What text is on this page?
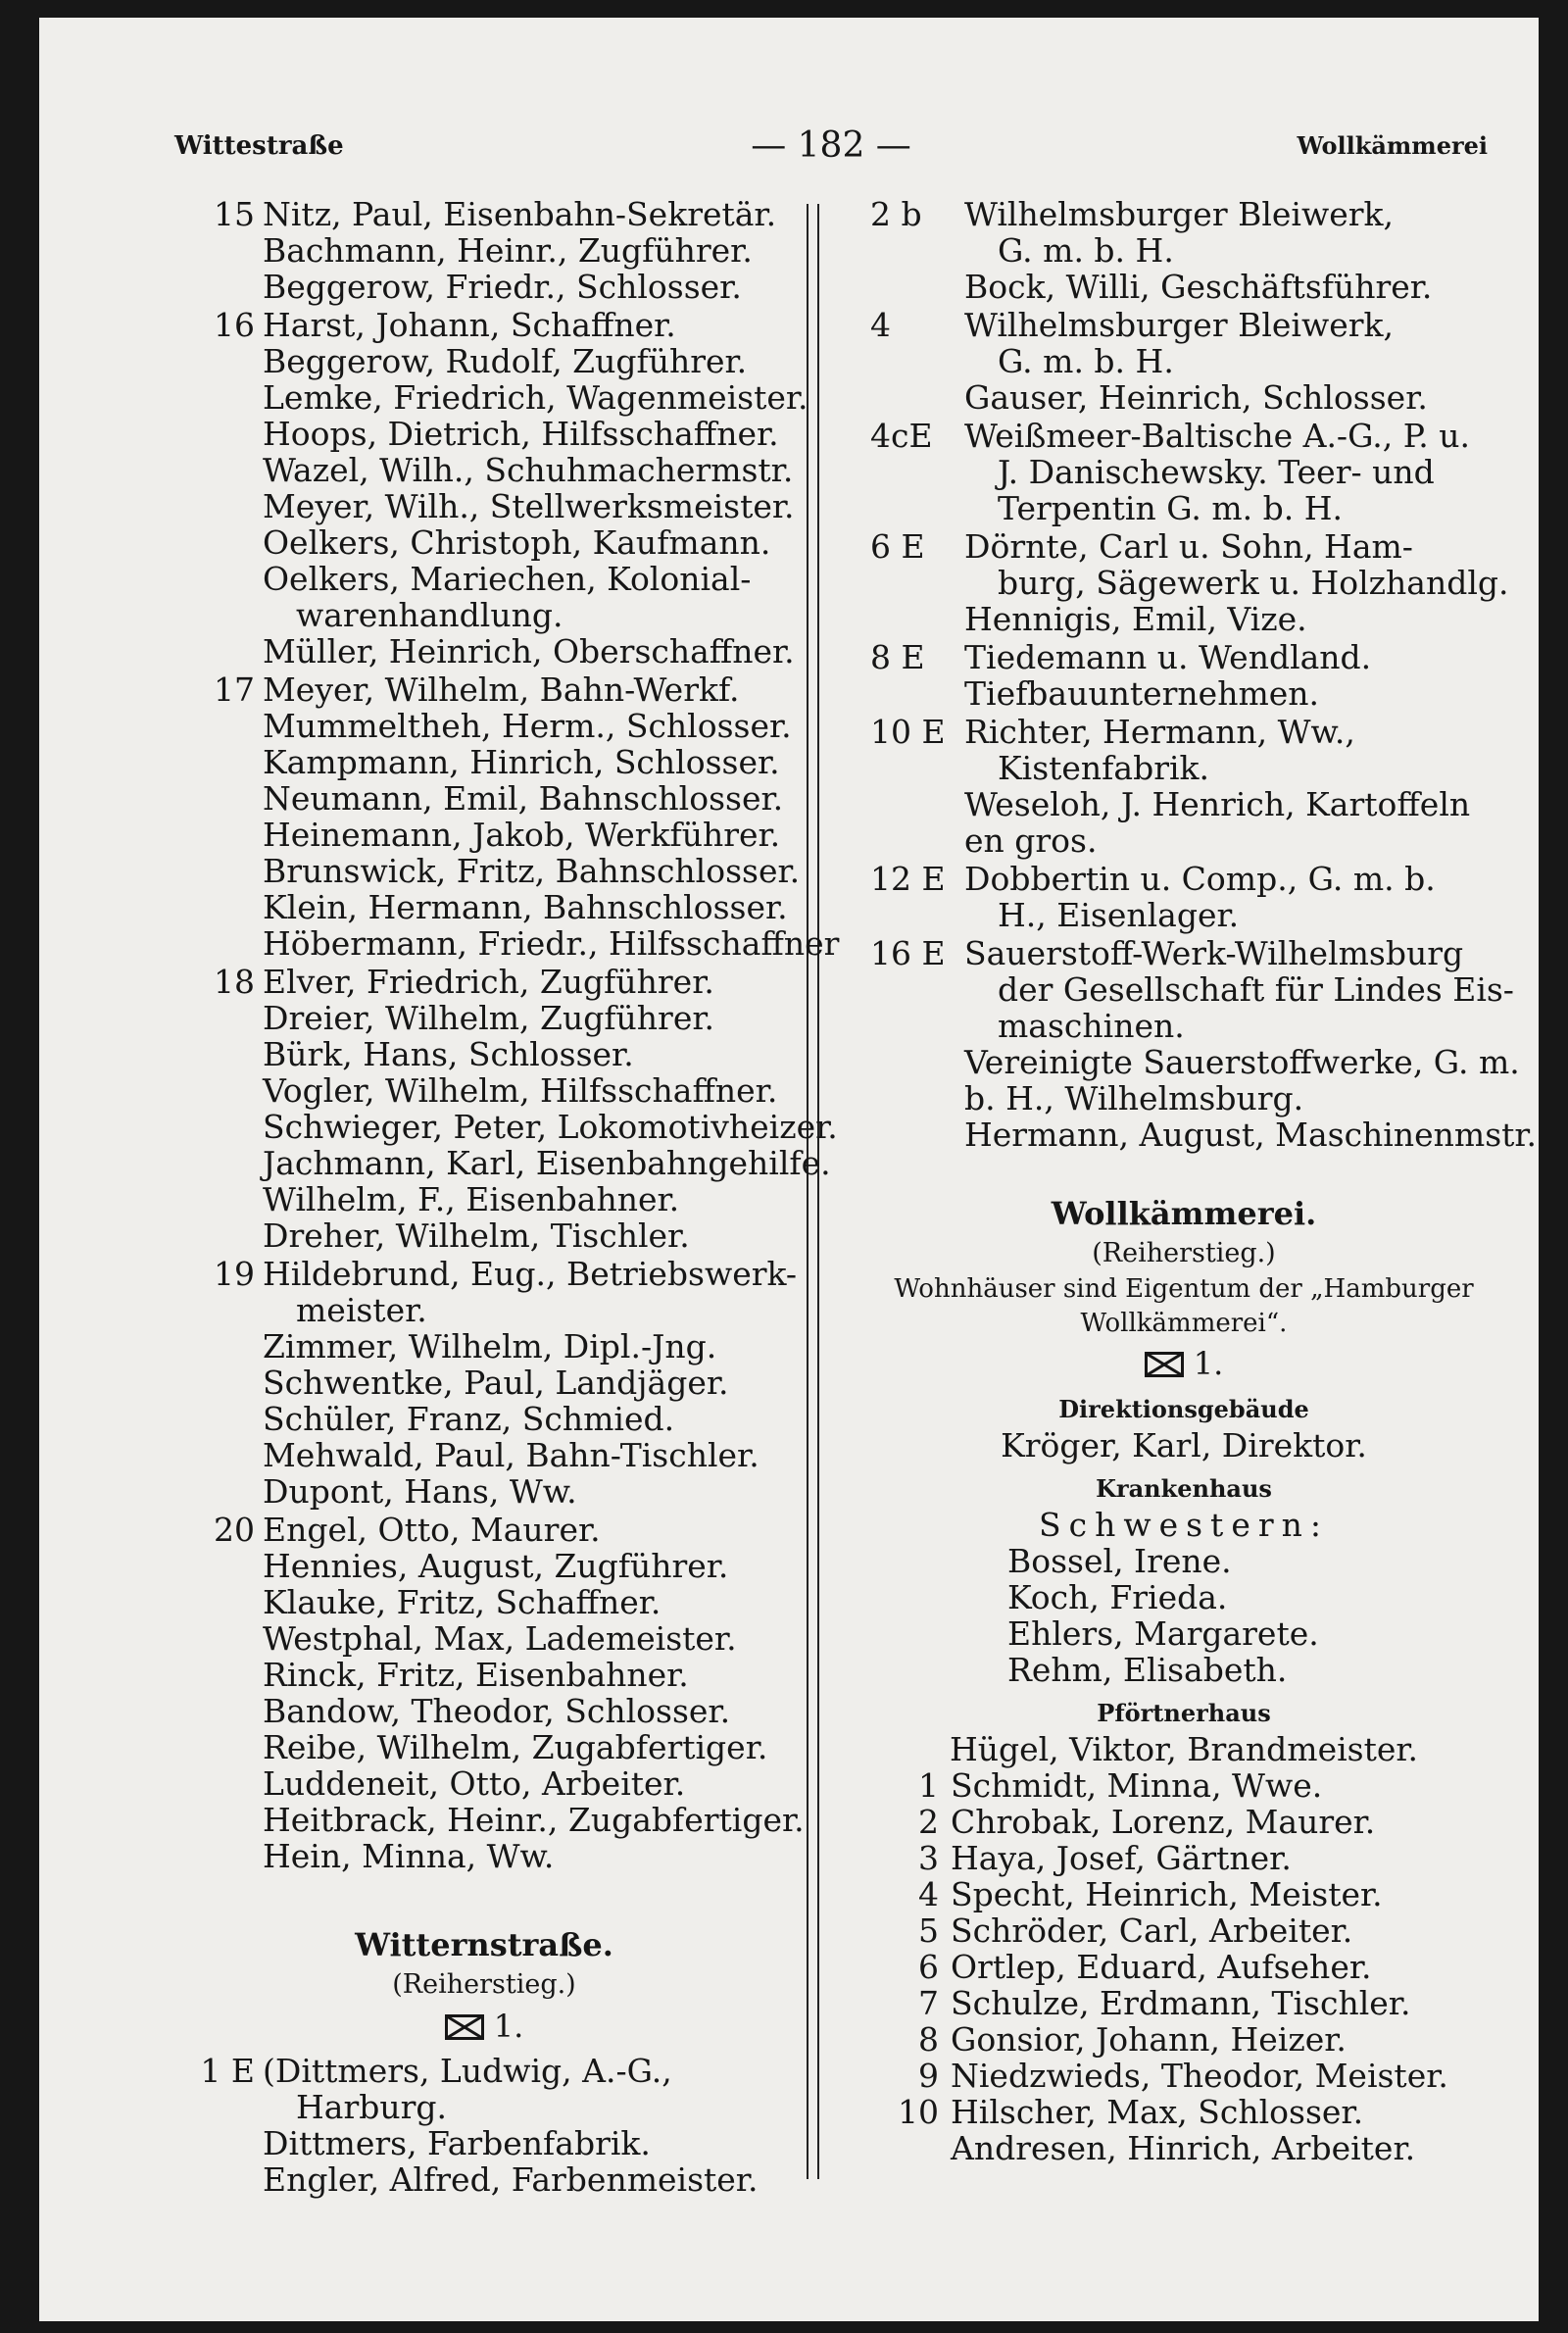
Wittestraße	— 182 —	Wollkämmerei
15 Nitz, Paul, Eisenbahn-Sekretär.
Bachmann, Heinr., Zugführer.
Beggerow, Friedr., Schlosser.
16 Harst, Johann, Schaffner.
Beggerow, Rudolf, Zugführer.
Lemke, Friedrich, Wagenmeister.
Hoops, Dietrich, Hilfsschaffner.
Wazel, Wilh., Schuhmachermstr.
Meyer, Wilh., Stellwerksmeister.
Oelkers, Christoph, Kaufmann.
Oelkers, Mariechen, Kolonial-
warenhandlung.
Müller, Heinrich, Oberschaffner.
17 Meyer, Wilhelm, Bahn-Werkf.
Mummeltheh, Herm., Schlosser.
Kampmann, Hinrich, Schlosser.
Neumann, Emil, Bahnschlosser.
Heinemann, Jakob, Werkführer.
Brunswick, Fritz, Bahnschlosser.
Klein, Hermann, Bahnschlosser.
Höbermann, Friedr., Hilfsschaffner
18 Elver, Friedrich, Zugführer.
Dreier, Wilhelm, Zugführer.
Bürk, Hans, Schlosser.
Vogler, Wilhelm, Hilfsschaffner.
Schwieger, Peter, Lokomotivheizer.
Jachmann, Karl, Eisenbahngehilfe.
Wilhelm, F., Eisenbahner.
Dreher, Wilhelm, Tischler.
19 Hildebrund, Eug., Betriebswerk-
meister.
Zimmer, Wilhelm, Dipl.-Jng.
Schwentke, Paul, Landjäger.
Schüler, Franz, Schmied.
Mehwald, Paul, Bahn-Tischler.
Dupont, Hans, Ww.
20 Engel, Otto, Maurer.
Hennies, August, Zugführer.
Klauke, Fritz, Schaffner.
Westphal, Max, Lademeister.
Rinck, Fritz, Eisenbahner.
Bandow, Theodor, Schlosser.
Reibe, Wilhelm, Zugabfertiger.
Luddeneit, Otto, Arbeiter.
Heitbrack, Heinr., Zugabfertiger.
Hein, Minna, Ww.
Witternstraße.
(Reiherstieg.)
1.
1 E (Dittmers, Ludwig, A.-G.,
Harburg.
Dittmers, Farbenfabrik.
Engler, Alfred, Farbenmeister.
2 b	Wilhelmsburger Bleiwerk,
G. m. b. H.
Bock, Willi, Geschäftsführer.
4	Wilhelmsburger Bleiwerk,
G. m. b. H.
Gauser, Heinrich, Schlosser.
4cE Weißmeer-Baltische A.-G., P. u.
J. Danischewsky. Teer- und
Terpentin G. m. b. H.
6 E	Dörnte, Carl u. Sohn, Ham-
burg, Sägewerk u. Holzhandlg.
Hennigis, Emil, Vize.
8 E	Tiedemann u. Wendland.
Tiefbauunternehmen.
10 E Richter, Hermann, Ww.,
Kistenfabrik.
Weseloh, J. Henrich, Kartoffeln
en gros.
12 E Dobbertin u. Comp., G. m. b.
H., Eisenlager.
16 E Sauerstoff-Werk-Wilhelmsburg
der Gesellschaft für Lindes Eis-
maschinen.
Vereinigte Sauerstoffwerke, G. m.
b. H., Wilhelmsburg.
Hermann, August, Maschinenmstr.
Wollkämmerei.
(Reiherstieg.)
Wohnhäuser sind Eigentum der „Hamburger
Wollkämmerei“.
1.
Direktionsgebäude
Kröger, Karl, Direktor.
Krankenhaus
Schwestern:
Bossel, Irene.
Koch, Frieda.
Ehlers, Margarete.
Rehm, Elisabeth.
Pförtnerhaus
Hügel, Viktor, Brandmeister.
1 Schmidt, Minna, Wwe.
2 Chrobak, Lorenz, Maurer.
3 Haya, Josef, Gärtner.
4 Specht, Heinrich, Meister.
5 Schröder, Carl, Arbeiter.
6 Ortlep, Eduard, Aufseher.
7 Schulze, Erdmann, Tischler.
8 Gonsior, Johann, Heizer.
9 Niedzwieds, Theodor, Meister.
10 Hilscher, Max, Schlosser.
Andresen, Hinrich, Arbeiter.
